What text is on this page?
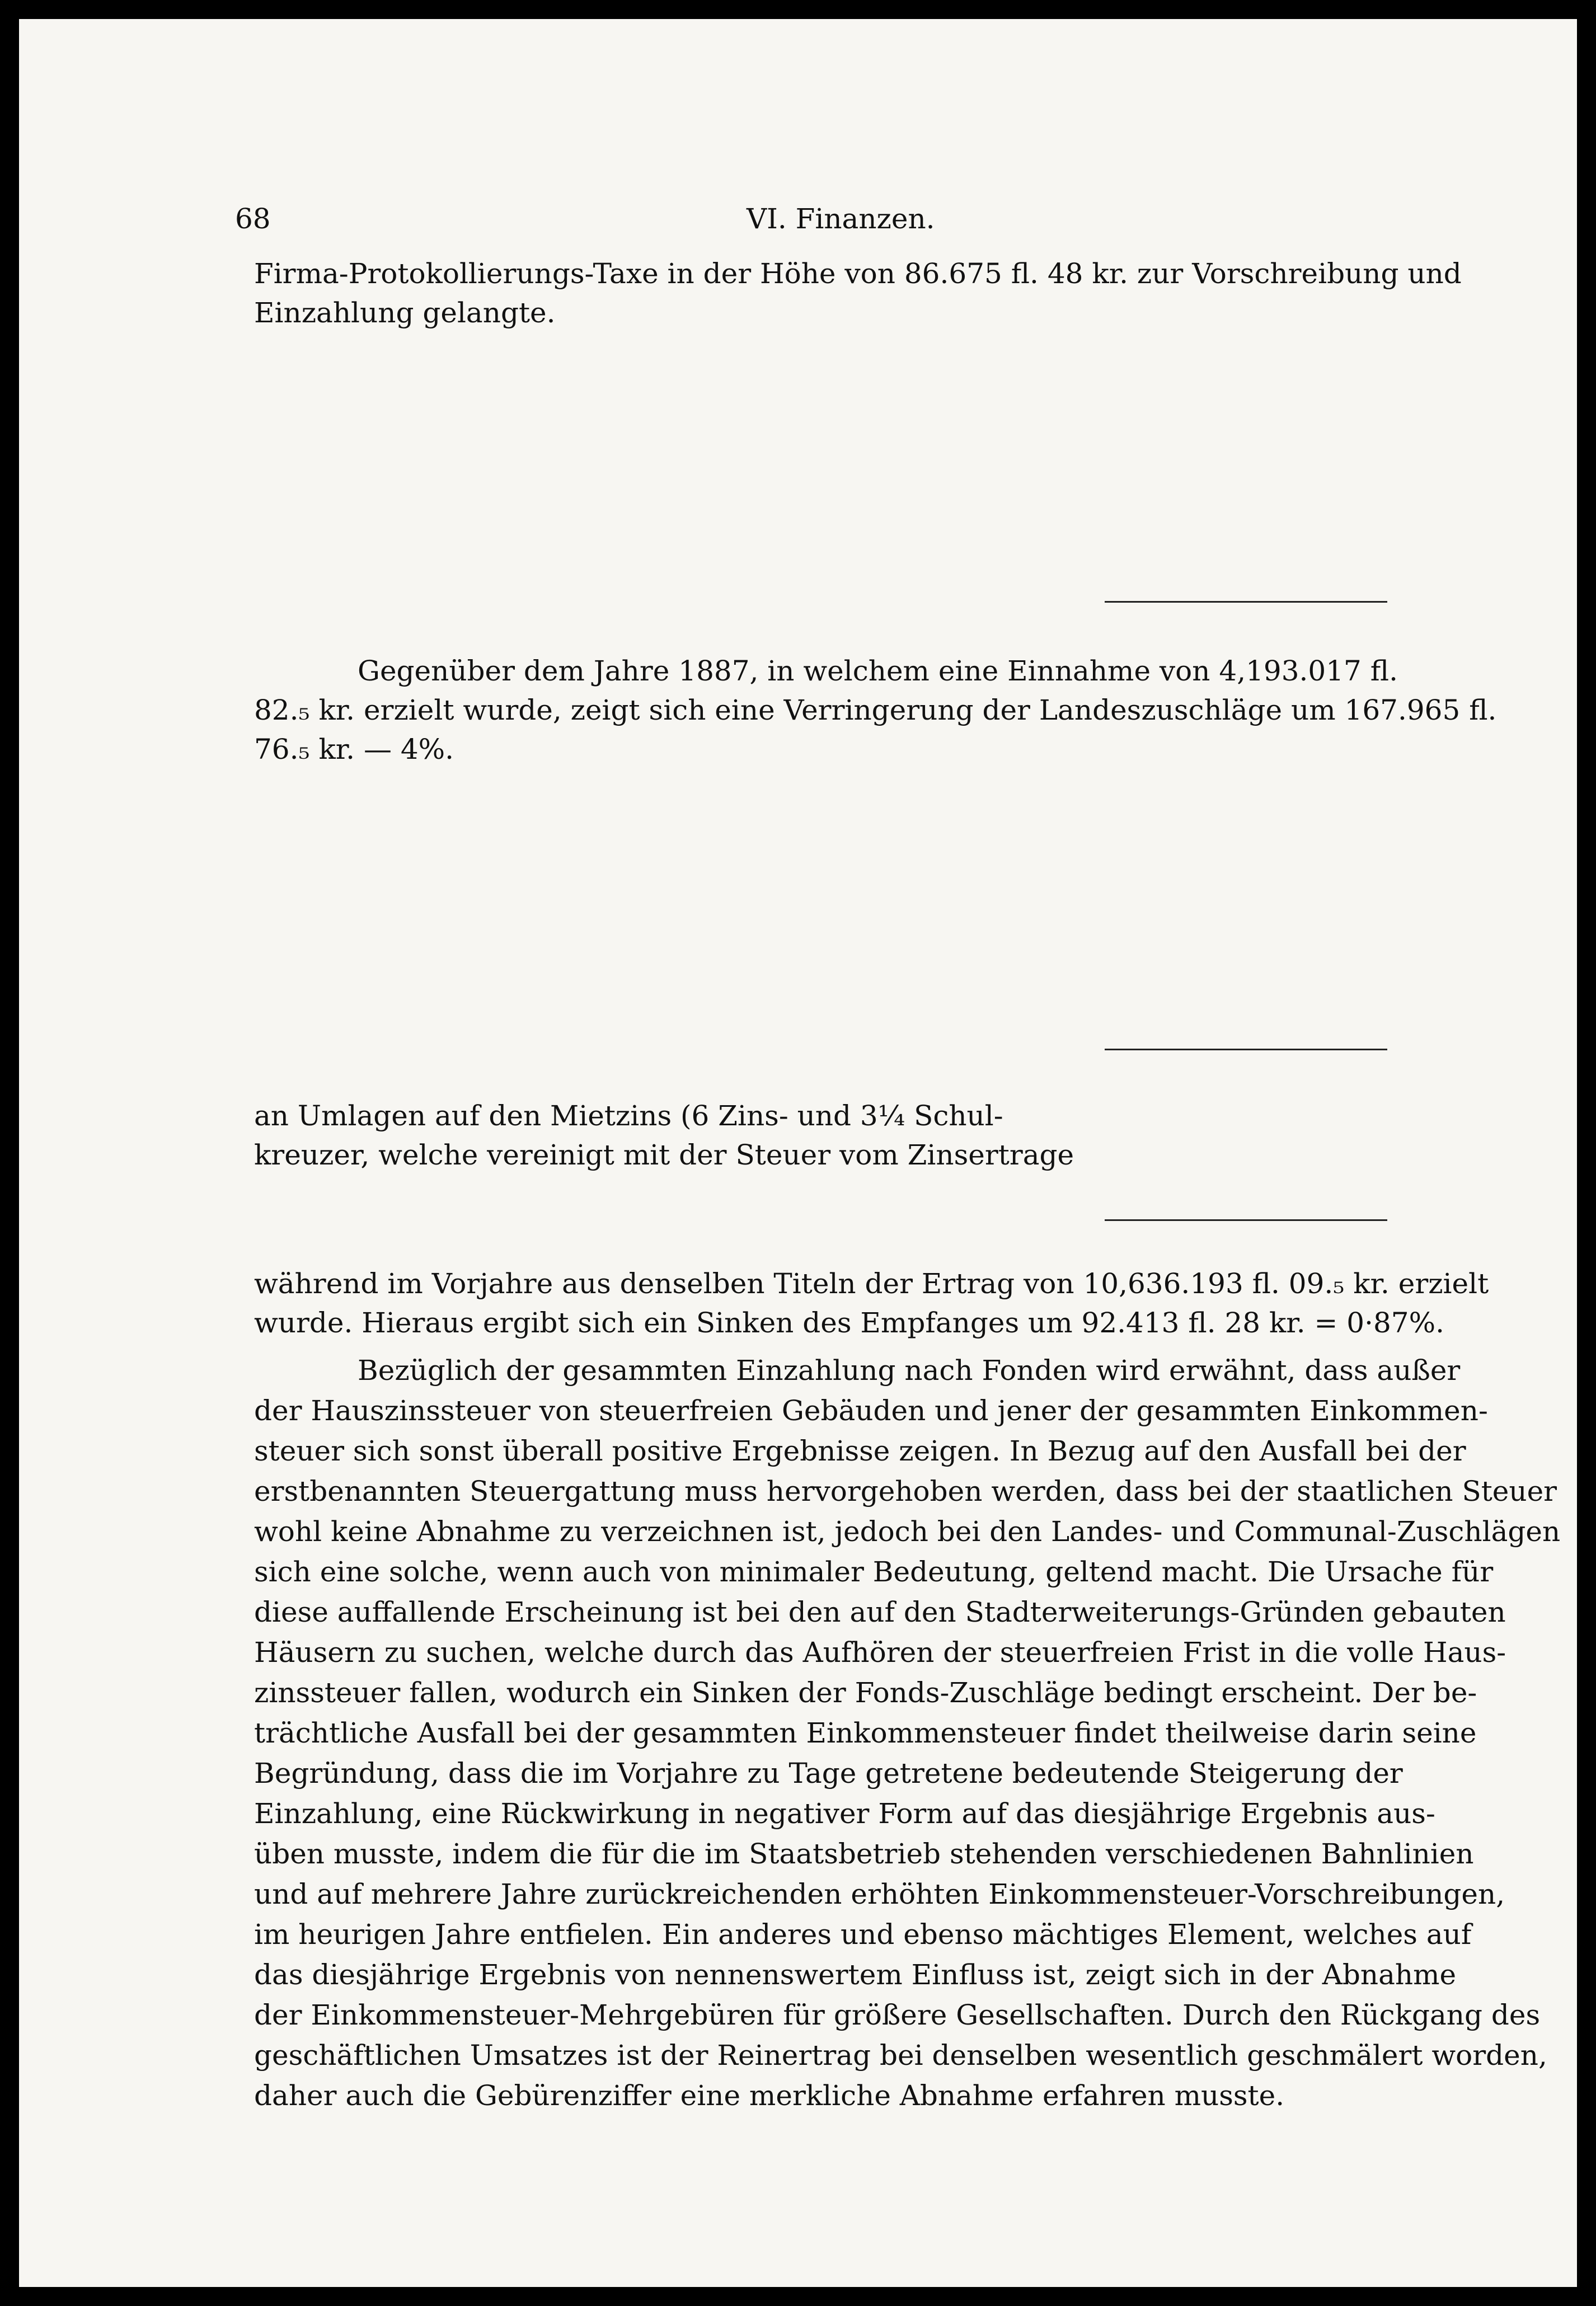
68	VI. Finanzen.
Firma-Protokollierungs-Taxe in der Höhe von 86.675 fl. 48 kr. zur Vorschreibung und
Einzahlung gelangte.
Gegenüber dem Jahre 1887, in welchem eine Einnahme von 4,193.017 fl.
82.₅ kr. erzielt wurde, zeigt sich eine Verringerung der Landeszuschläge um 167.965 fl.
76.₅ kr. — 4%.
an Umlagen auf den Mietzins (6 Zins- und 3¼ Schul-
kreuzer, welche vereinigt mit der Steuer vom Zinsertrage
während im Vorjahre aus denselben Titeln der Ertrag von 10,636.193 fl. 09.₅ kr. erzielt
wurde. Hieraus ergibt sich ein Sinken des Empfanges um 92.413 fl. 28 kr. = 0·87%.
Bezüglich der gesammten Einzahlung nach Fonden wird erwähnt, dass außer
der Hauszinssteuer von steuerfreien Gebäuden und jener der gesammten Einkommen-
steuer sich sonst überall positive Ergebnisse zeigen. In Bezug auf den Ausfall bei der
erstbenannten Steuergattung muss hervorgehoben werden, dass bei der staatlichen Steuer
wohl keine Abnahme zu verzeichnen ist, jedoch bei den Landes- und Communal-Zuschlägen
sich eine solche, wenn auch von minimaler Bedeutung, geltend macht. Die Ursache für
diese auffallende Erscheinung ist bei den auf den Stadterweiterungs-Gründen gebauten
Häusern zu suchen, welche durch das Aufhören der steuerfreien Frist in die volle Haus-
zinssteuer fallen, wodurch ein Sinken der Fonds-Zuschläge bedingt erscheint. Der be-
trächtliche Ausfall bei der gesammten Einkommensteuer findet theilweise darin seine
Begründung, dass die im Vorjahre zu Tage getretene bedeutende Steigerung der
Einzahlung, eine Rückwirkung in negativer Form auf das diesjährige Ergebnis aus-
üben musste, indem die für die im Staatsbetrieb stehenden verschiedenen Bahnlinien
und auf mehrere Jahre zurückreichenden erhöhten Einkommensteuer-Vorschreibungen,
im heurigen Jahre entfielen. Ein anderes und ebenso mächtiges Element, welches auf
das diesjährige Ergebnis von nennenswertem Einfluss ist, zeigt sich in der Abnahme
der Einkommensteuer-Mehrgebüren für größere Gesellschaften. Durch den Rückgang des
geschäftlichen Umsatzes ist der Reinertrag bei denselben wesentlich geschmälert worden,
daher auch die Gebürenziffer eine merkliche Abnahme erfahren musste.
